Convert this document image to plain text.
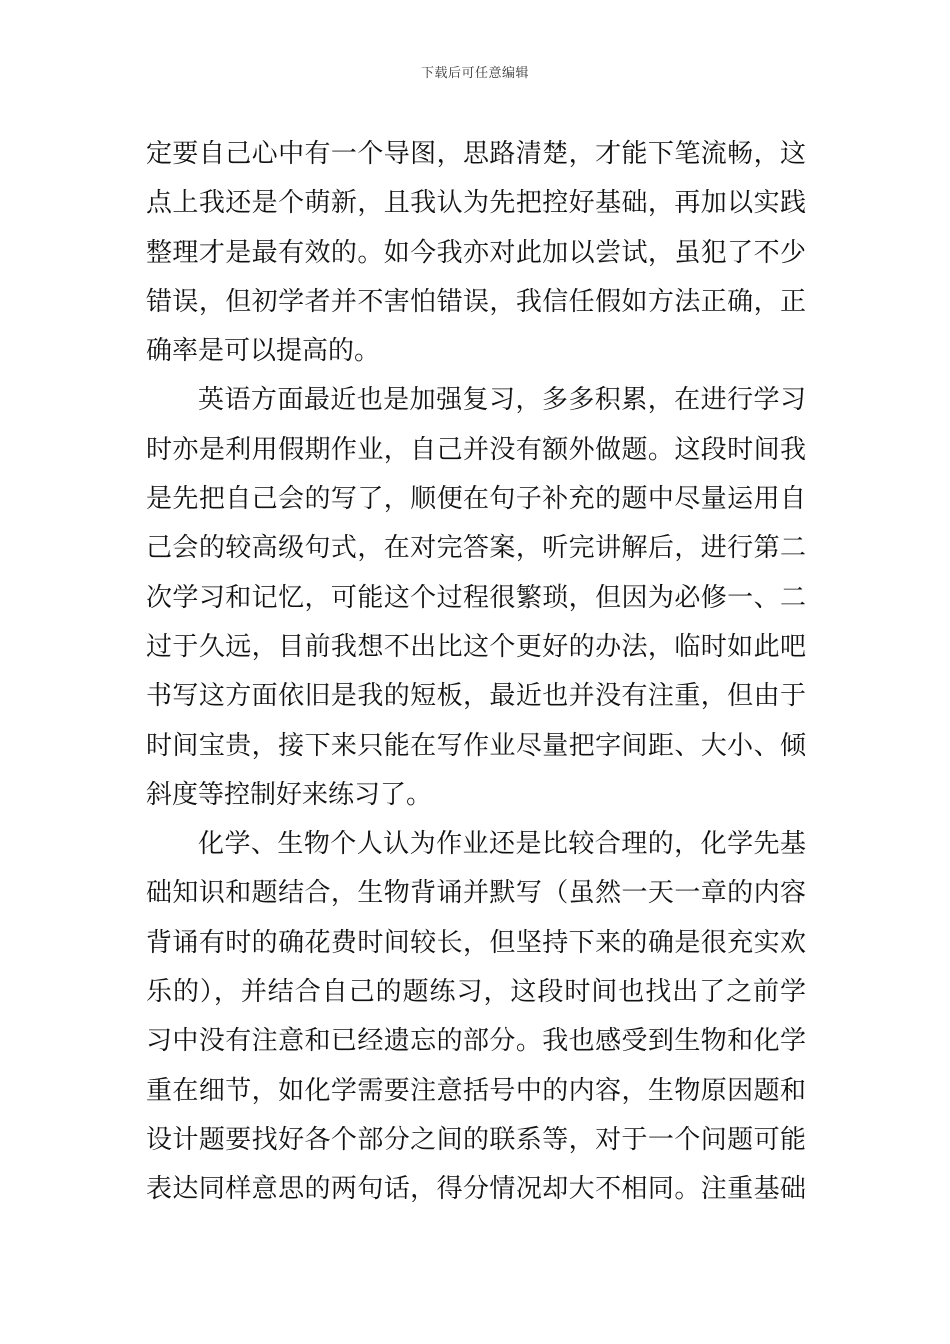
下载后可任意编辑
定要自己心中有一个导图，思路清楚，才能下笔流畅，这
点上我还是个萌新，且我认为先把控好基础，再加以实践
整理才是最有效的。如今我亦对此加以尝试，虽犯了不少
错误，但初学者并不害怕错误，我信任假如方法正确，正
确率是可以提高的。
英语方面最近也是加强复习，多多积累，在进行学习
时亦是利用假期作业，自己并没有额外做题。这段时间我
是先把自己会的写了，顺便在句子补充的题中尽量运用自
己会的较高级句式，在对完答案，听完讲解后，进行第二
次学习和记忆，可能这个过程很繁琐，但因为必修一、二
过于久远，目前我想不出比这个更好的办法，临时如此吧
书写这方面依旧是我的短板，最近也并没有注重，但由于
时间宝贵，接下来只能在写作业尽量把字间距、大小、倾
斜度等控制好来练习了。
化学、生物个人认为作业还是比较合理的，化学先基
础知识和题结合，生物背诵并默写（虽然一天一章的内容
背诵有时的确花费时间较长，但坚持下来的确是很充实欢
乐的），并结合自己的题练习，这段时间也找出了之前学
习中没有注意和已经遗忘的部分。我也感受到生物和化学
重在细节，如化学需要注意括号中的内容，生物原因题和
设计题要找好各个部分之间的联系等，对于一个问题可能
表达同样意思的两句话，得分情况却大不相同。注重基础
